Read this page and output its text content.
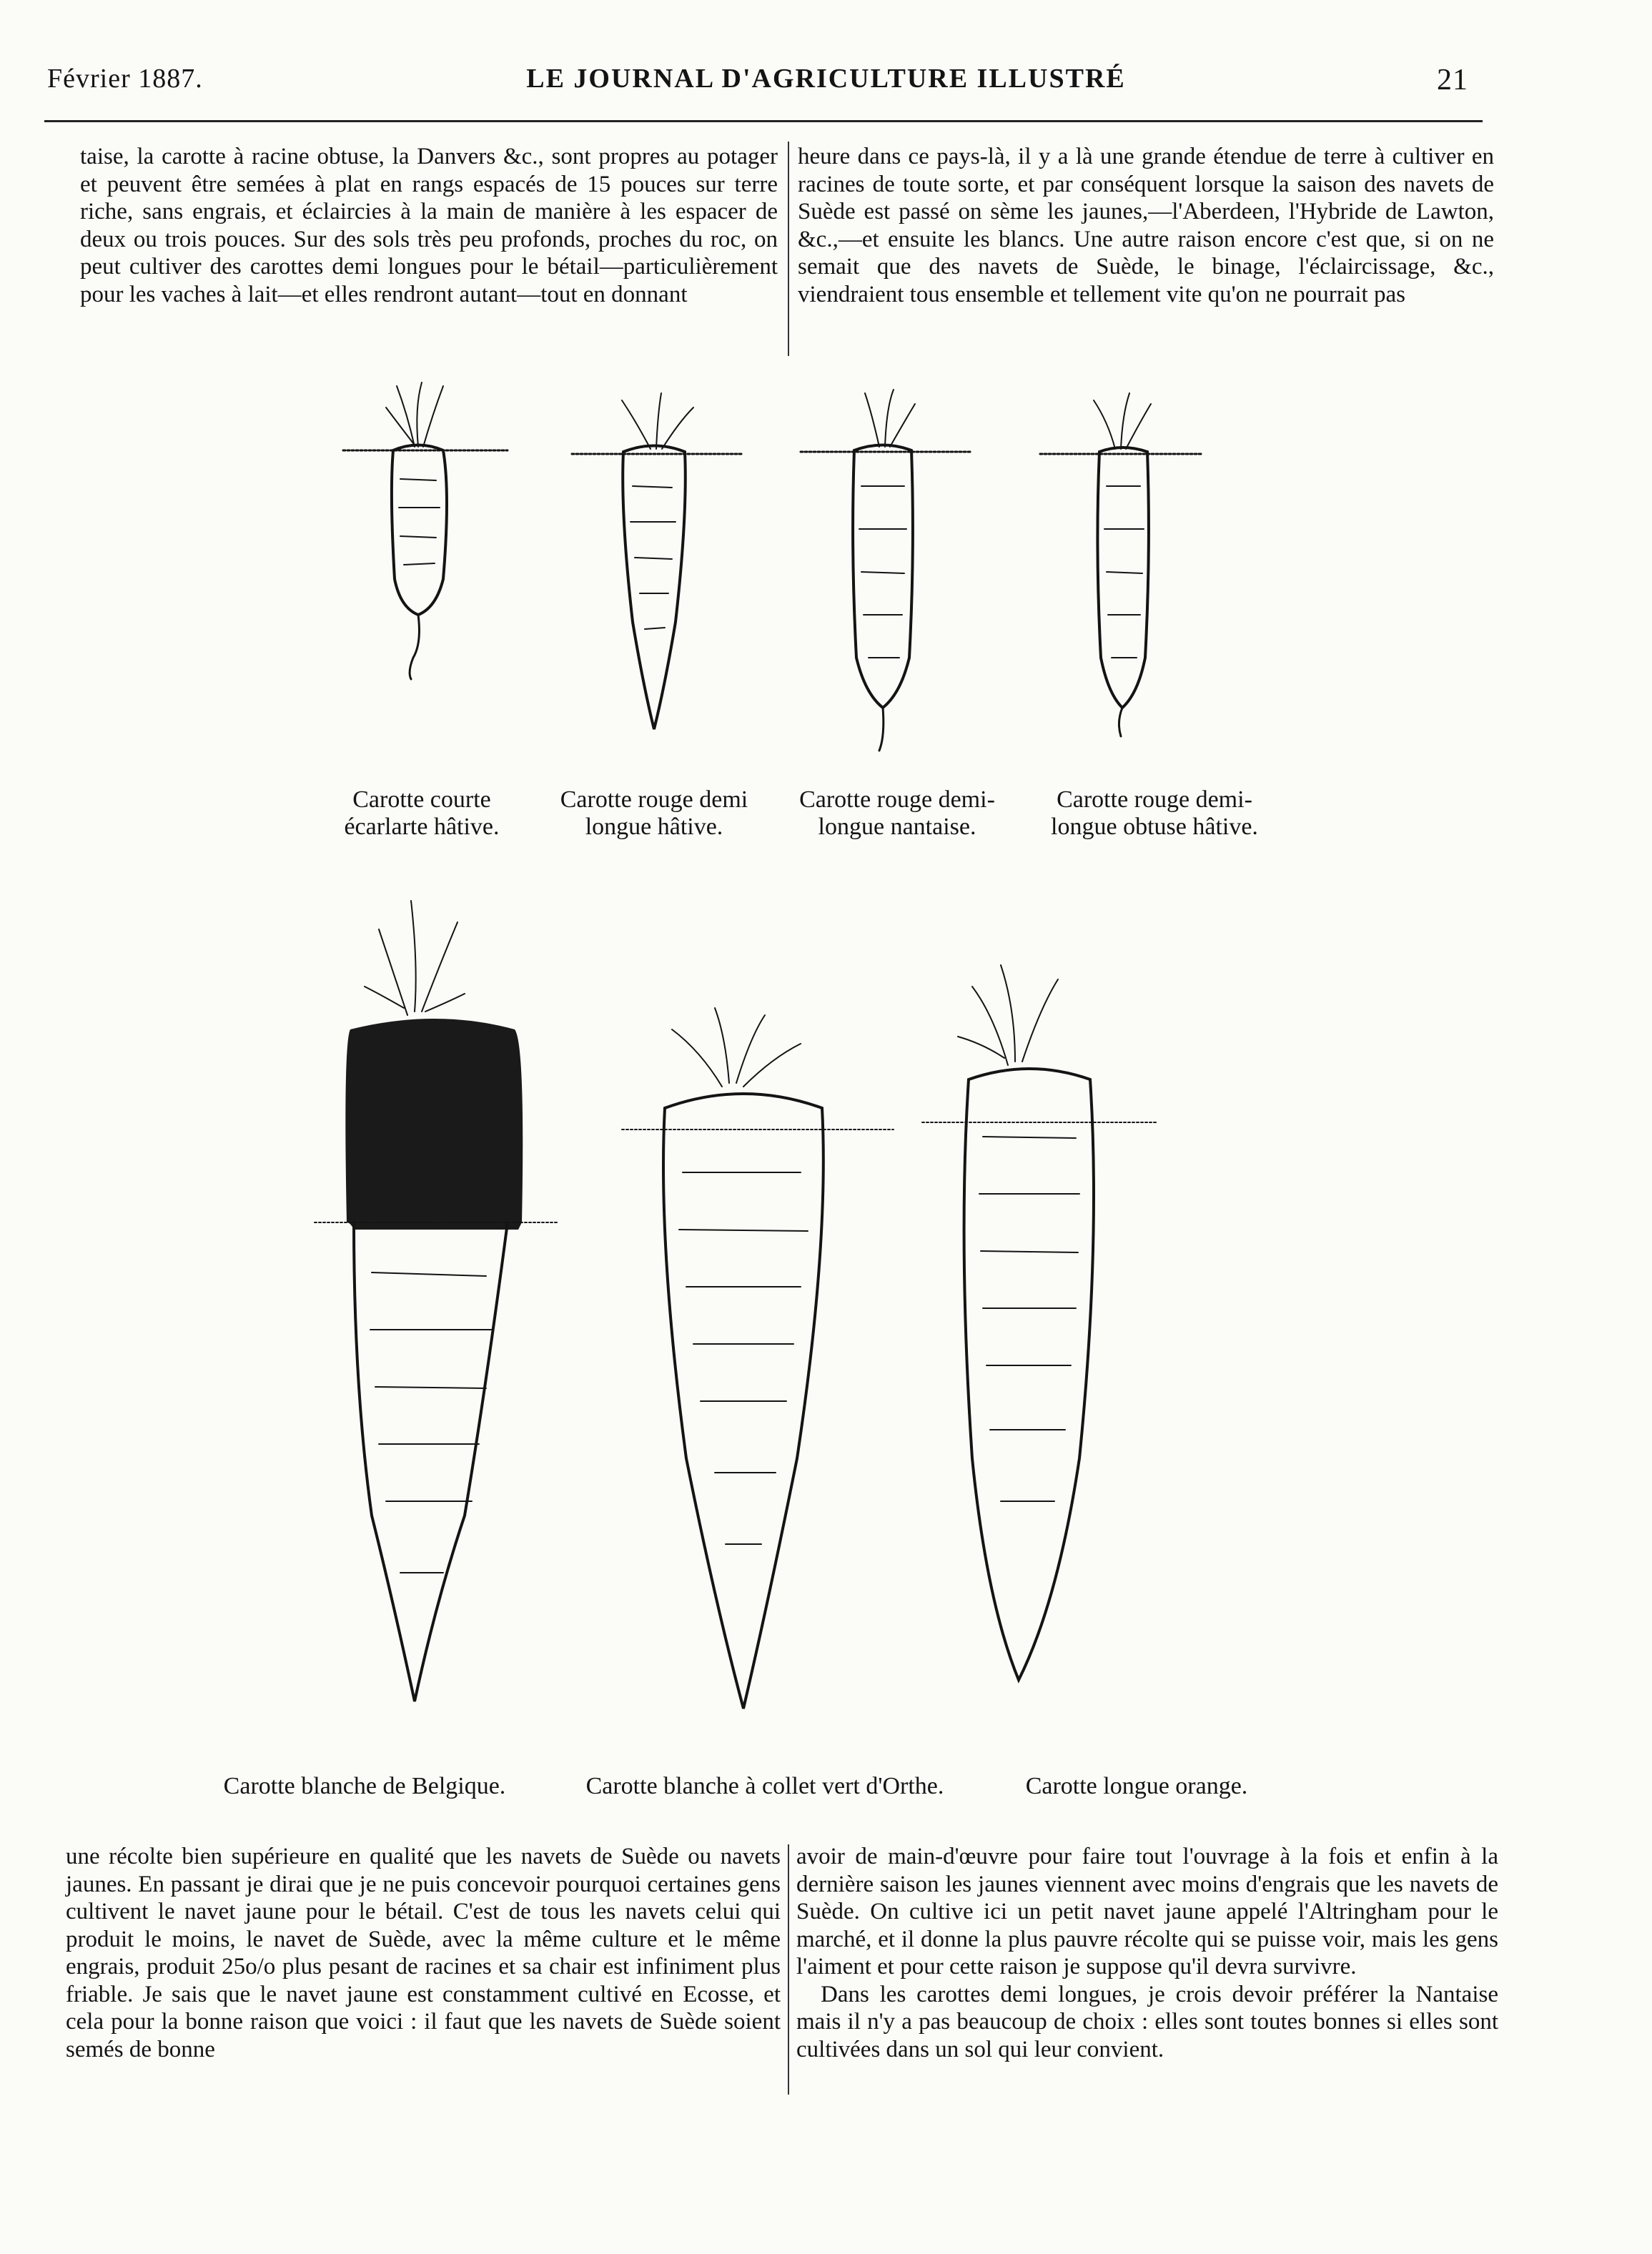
Février 1887.	LE JOURNAL D'AGRICULTURE ILLUSTRÉ	21

taise, la carotte à racine obtuse, la Danvers &c., sont propres au potager et peuvent être semées à plat en rangs espacés de 15 pouces sur terre riche, sans engrais, et éclaircies à la main de manière à les espacer de deux ou trois pouces. Sur des sols très peu profonds, proches du roc, on peut cultiver des carottes demi longues pour le bétail—particulièrement pour les vaches à lait—et elles rendront autant—tout en donnant

heure dans ce pays-là, il y a là une grande étendue de terre à cultiver en racines de toute sorte, et par conséquent lorsque la saison des navets de Suède est passé on sème les jaunes,—l'Aberdeen, l'Hybride de Lawton, &c.,—et ensuite les blancs. Une autre raison encore c'est que, si on ne semait que des navets de Suède, le binage, l'éclaircissage, &c., viendraient tous ensemble et tellement vite qu'on ne pourrait pas

Carotte courte
écarlarte hâtive.
Carotte rouge demi
longue hâtive.
Carotte rouge demi-
longue nantaise.
Carotte rouge demi-
longue obtuse hâtive.
Carotte blanche de Belgique.	Carotte blanche à collet vert d'Orthe.	Carotte longue orange.

une récolte bien supérieure en qualité que les navets de Suède ou navets jaunes. En passant je dirai que je ne puis concevoir pourquoi certaines gens cultivent le navet jaune pour le bétail. C'est de tous les navets celui qui produit le moins, le navet de Suède, avec la même culture et le même engrais, produit 25o/o plus pesant de racines et sa chair est infiniment plus friable. Je sais que le navet jaune est constamment cultivé en Ecosse, et cela pour la bonne raison que voici : il faut que les navets de Suède soient semés de bonne

avoir de main-d'œuvre pour faire tout l'ouvrage à la fois et enfin à la dernière saison les jaunes viennent avec moins d'engrais que les navets de Suède. On cultive ici un petit navet jaune appelé l'Altringham pour le marché, et il donne la plus pauvre récolte qui se puisse voir, mais les gens l'aiment et pour cette raison je suppose qu'il devra survivre.

Dans les carottes demi longues, je crois devoir préférer la Nantaise mais il n'y a pas beaucoup de choix : elles sont toutes bonnes si elles sont cultivées dans un sol qui leur convient.
